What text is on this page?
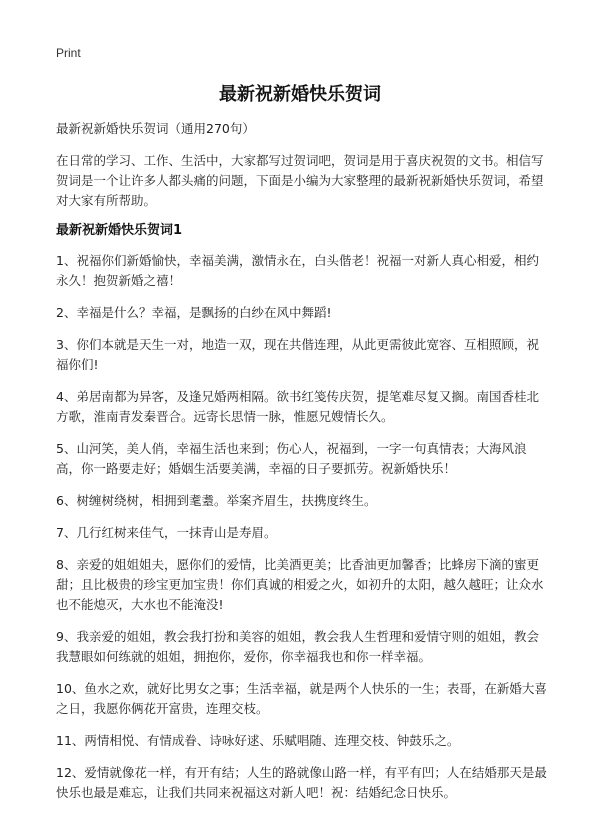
Print
最新祝新婚快乐贺词

最新祝新婚快乐贺词（通用270句）

在日常的学习、工作、生活中，大家都写过贺词吧，贺词是用于喜庆祝贺的文书。相信写贺词是一个让许多人都头痛的问题，下面是小编为大家整理的最新祝新婚快乐贺词，希望对大家有所帮助。

最新祝新婚快乐贺词1

1、祝福你们新婚愉快，幸福美满，激情永在，白头偕老！祝福一对新人真心相爱，相约永久！抱贺新婚之禧！

2、幸福是什么？幸福，是飘扬的白纱在风中舞蹈!

3、你们本就是天生一对，地造一双，现在共偕连理，从此更需彼此宽容、互相照顾，祝福你们!

4、弟居南都为异客，及逢兄婚两相隔。欲书红笺传庆贺，提笔难尽复又搁。南国香桂北方歌，淮南青发秦晋合。远寄长思情一脉，惟愿兄嫂情长久。

5、山河笑，美人俏，幸福生活也来到；伤心人，祝福到，一字一句真情表；大海风浪高，你一路要走好；婚姻生活要美满，幸福的日子要抓劳。祝新婚快乐！

6、树缠树绕树，相拥到耄耋。举案齐眉生，扶携度终生。

7、几行红树来佳气，一抹青山是寿眉。

8、亲爱的姐姐姐夫，愿你们的爱情，比美酒更美；比香油更加馨香；比蜂房下滴的蜜更甜；且比极贵的珍宝更加宝贵！你们真诚的相爱之火，如初升的太阳，越久越旺；让众水也不能熄灭，大水也不能淹没!

9、我亲爱的姐姐，教会我打扮和美容的姐姐，教会我人生哲理和爱情守则的姐姐，教会我慧眼如何练就的姐姐，拥抱你，爱你，你幸福我也和你一样幸福。

10、鱼水之欢，就好比男女之事；生活幸福，就是两个人快乐的一生；表哥，在新婚大喜之日，我愿你俩花开富贵，连理交枝。

11、两情相悦、有情成眷、诗咏好逑、乐赋唱随、连理交枝、钟鼓乐之。

12、爱情就像花一样，有开有结；人生的路就像山路一样，有平有凹；人在结婚那天是最快乐也最是难忘，让我们共同来祝福这对新人吧！祝：结婚纪念日快乐。
